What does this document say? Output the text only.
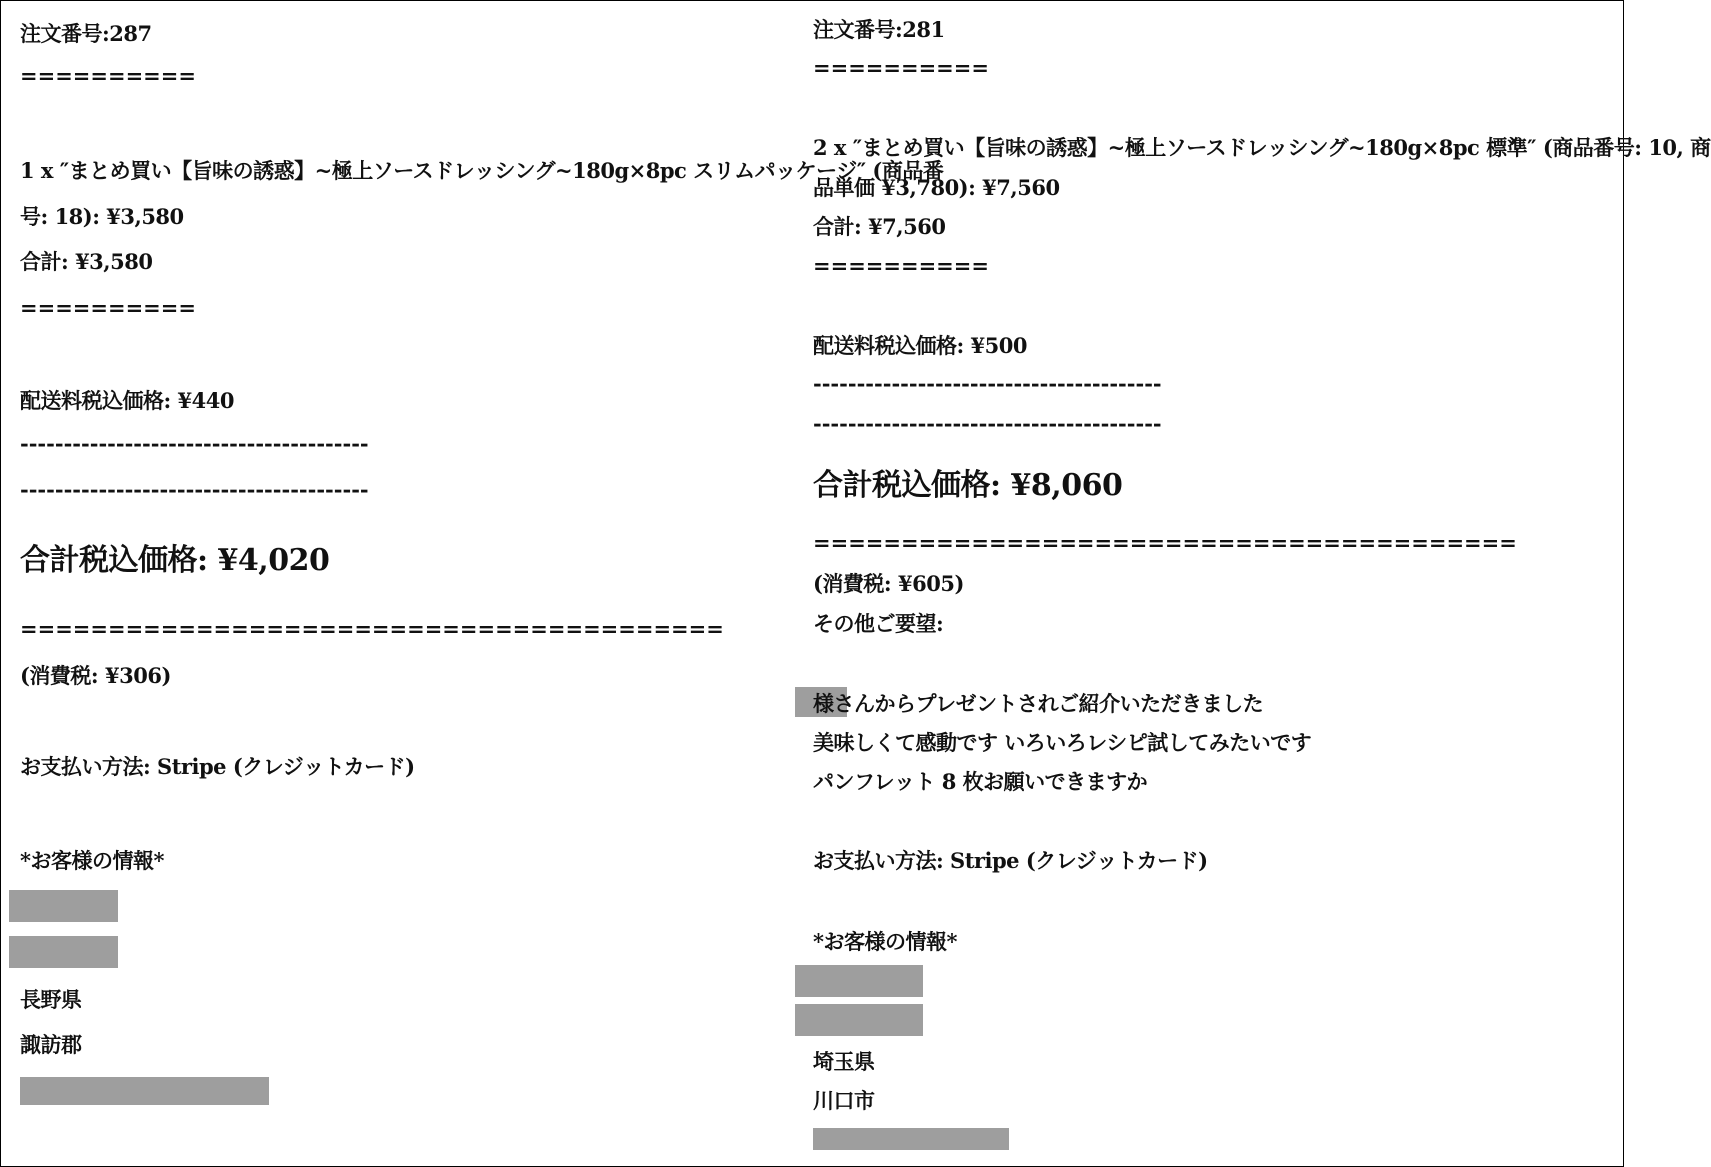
注文番号:287
==========
1 x ″まとめ買い【旨味の誘惑】~極上ソースドレッシング~180g×8pc スリムパッケージ″ (商品番
号: 18): ¥3,580
合計: ¥3,580
==========
配送料税込価格: ¥440
----------------------------------------
----------------------------------------
合計税込価格: ¥4,020
========================================
(消費税: ¥306)
お支払い方法: Stripe (クレジットカード)
*お客様の情報*
長野県
諏訪郡
注文番号:281
==========
2 x ″まとめ買い【旨味の誘惑】~極上ソースドレッシング~180g×8pc 標準″ (商品番号: 10, 商
品単価 ¥3,780): ¥7,560
合計: ¥7,560
==========
配送料税込価格: ¥500
----------------------------------------
----------------------------------------
合計税込価格: ¥8,060
========================================
(消費税: ¥605)
その他ご要望:
様さんからプレゼントされご紹介いただきました
美味しくて感動です いろいろレシピ試してみたいです
パンフレット 8 枚お願いできますか
お支払い方法: Stripe (クレジットカード)
*お客様の情報*
埼玉県
川口市
